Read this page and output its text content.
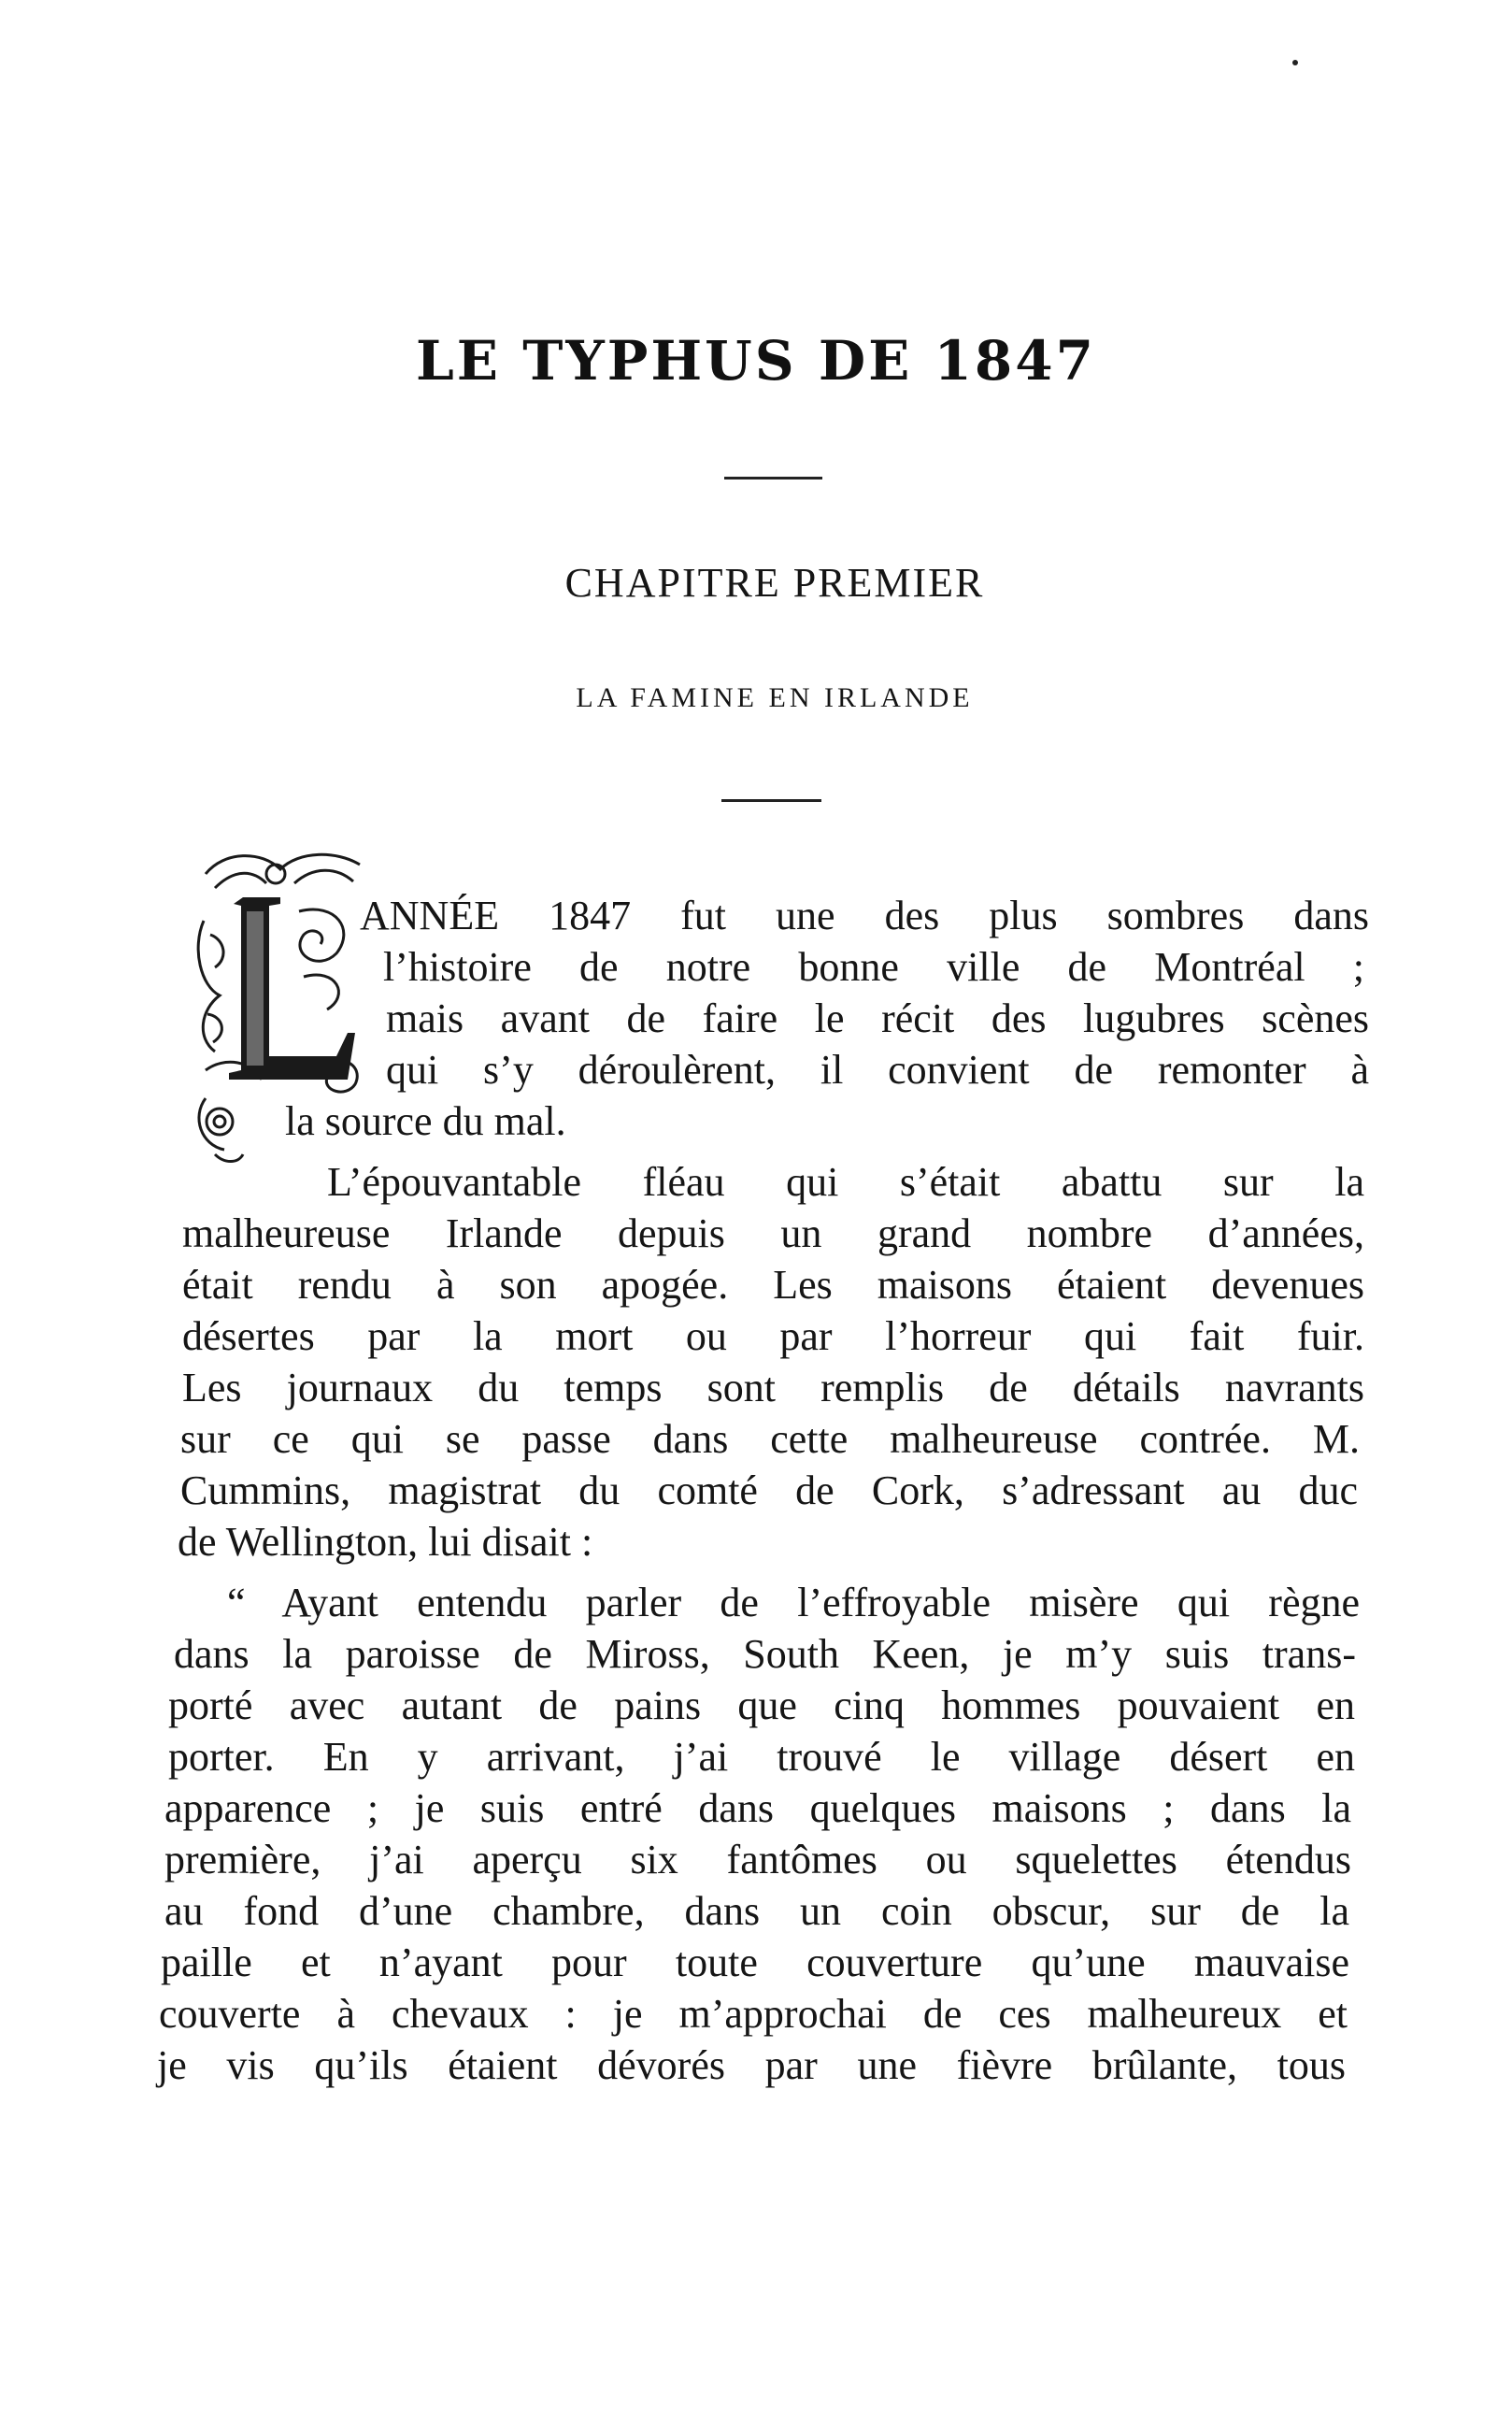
LE TYPHUS DE 1847
CHAPITRE PREMIER
LA FAMINE EN IRLANDE
ANNÉE 1847 fut une des plus sombres dans
l’histoire de notre bonne ville de Montréal ;
mais avant de faire le récit des lugubres scènes
qui s’y déroulèrent, il convient de remonter à
la source du mal.
L’épouvantable fléau qui s’était abattu sur la
malheureuse Irlande depuis un grand nombre d’années,
était rendu à son apogée. Les maisons étaient devenues
désertes par la mort ou par l’horreur qui fait fuir.
Les journaux du temps sont remplis de détails navrants
sur ce qui se passe dans cette malheureuse contrée. M.
Cummins, magistrat du comté de Cork, s’adressant au duc
de Wellington, lui disait :
“ Ayant entendu parler de l’effroyable misère qui règne
dans la paroisse de Miross, South Keen, je m’y suis trans-
porté avec autant de pains que cinq hommes pouvaient en
porter. En y arrivant, j’ai trouvé le village désert en
apparence ; je suis entré dans quelques maisons ; dans la
première, j’ai aperçu six fantômes ou squelettes étendus
au fond d’une chambre, dans un coin obscur, sur de la
paille et n’ayant pour toute couverture qu’une mauvaise
couverte à chevaux : je m’approchai de ces malheureux et
je vis qu’ils étaient dévorés par une fièvre brûlante, tous
